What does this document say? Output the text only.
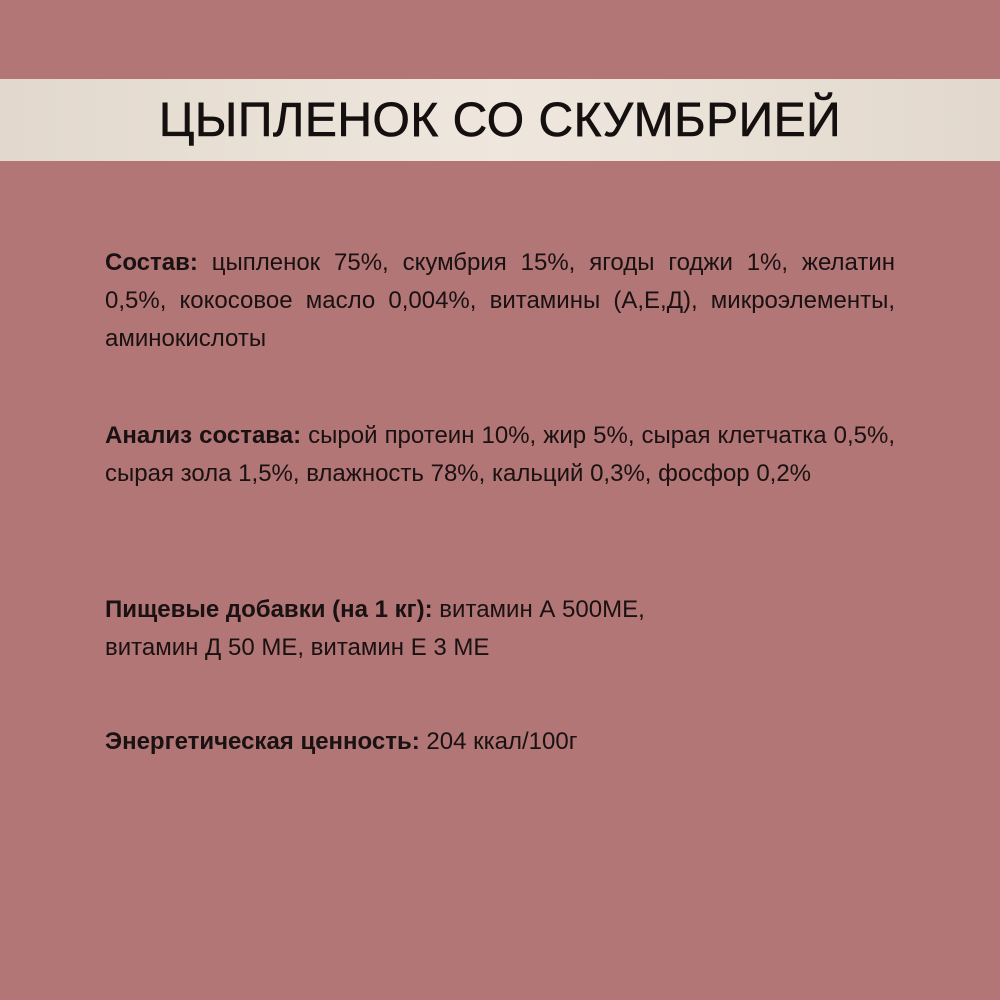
ЦЫПЛЕНОК СО СКУМБРИЕЙ

Состав: цыпленок 75%, скумбрия 15%, ягоды годжи 1%, желатин 0,5%, кокосовое масло 0,004%, витамины (А,Е,Д), микроэлементы, аминокислоты

Анализ состава: сырой протеин 10%, жир 5%, сырая клетчатка 0,5%, сырая зола 1,5%, влажность 78%, кальций 0,3%, фосфор 0,2%

Пищевые добавки (на 1 кг): витамин А 500МЕ,
витамин Д 50 МЕ, витамин Е 3 МЕ

Энергетическая ценность: 204 ккал/100г
